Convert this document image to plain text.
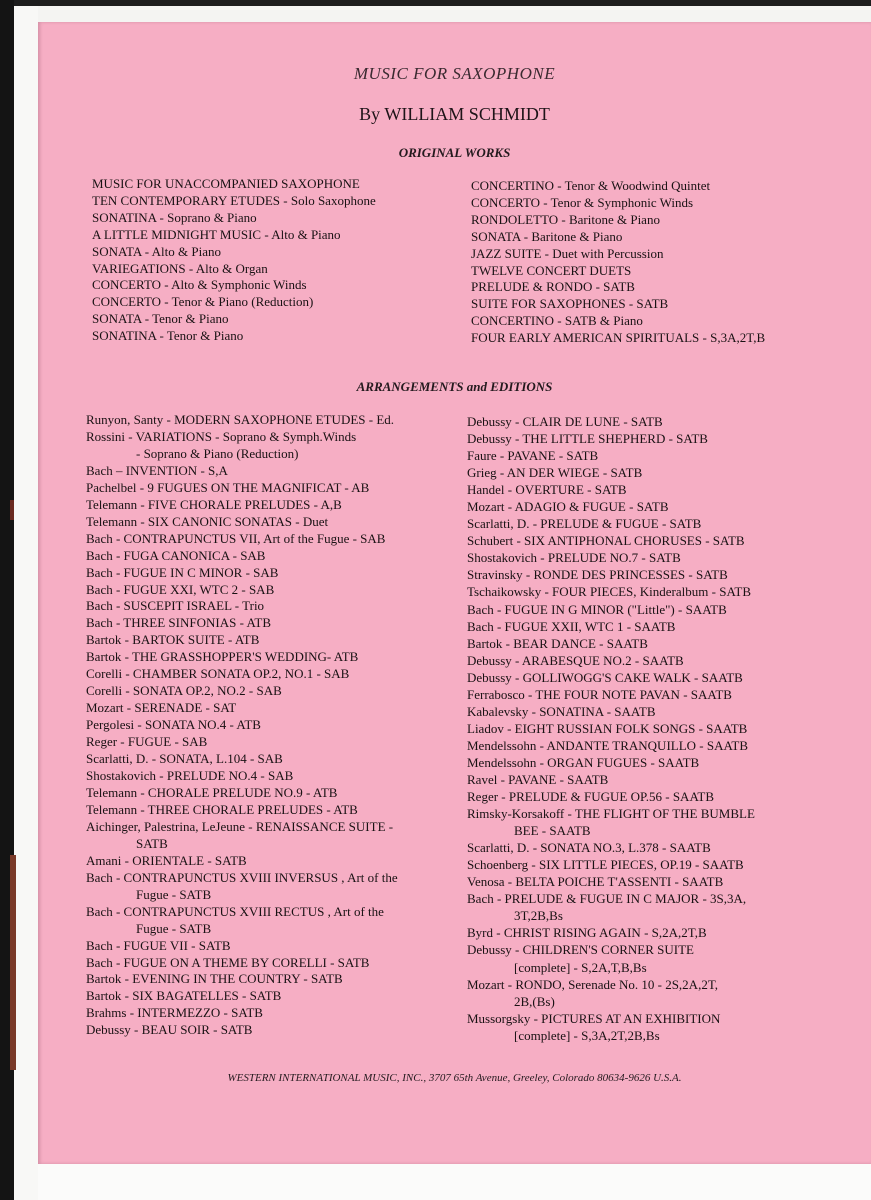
MUSIC FOR SAXOPHONE
By WILLIAM SCHMIDT
ORIGINAL WORKS
MUSIC FOR UNACCOMPANIED SAXOPHONE
TEN CONTEMPORARY ETUDES - Solo Saxophone
SONATINA - Soprano & Piano
A LITTLE MIDNIGHT MUSIC - Alto & Piano
SONATA - Alto & Piano
VARIEGATIONS - Alto & Organ
CONCERTO - Alto & Symphonic Winds
CONCERTO - Tenor & Piano (Reduction)
SONATA - Tenor & Piano
SONATINA - Tenor & Piano
CONCERTINO - Tenor & Woodwind Quintet
CONCERTO - Tenor & Symphonic Winds
RONDOLETTO - Baritone & Piano
SONATA - Baritone & Piano
JAZZ SUITE - Duet with Percussion
TWELVE CONCERT DUETS
PRELUDE & RONDO - SATB
SUITE FOR SAXOPHONES - SATB
CONCERTINO - SATB & Piano
FOUR EARLY AMERICAN SPIRITUALS - S,3A,2T,B
ARRANGEMENTS and EDITIONS
Runyon, Santy - MODERN SAXOPHONE ETUDES - Ed.
Rossini - VARIATIONS - Soprano & Symph.Winds
- Soprano & Piano (Reduction)
Bach – INVENTION - S,A
Pachelbel - 9 FUGUES ON THE MAGNIFICAT - AB
Telemann - FIVE CHORALE PRELUDES - A,B
Telemann - SIX CANONIC SONATAS - Duet
Bach - CONTRAPUNCTUS VII, Art of the Fugue - SAB
Bach - FUGA CANONICA - SAB
Bach - FUGUE IN C MINOR - SAB
Bach - FUGUE XXI, WTC 2 - SAB
Bach - SUSCEPIT ISRAEL - Trio
Bach - THREE SINFONIAS - ATB
Bartok - BARTOK SUITE - ATB
Bartok - THE GRASSHOPPER'S WEDDING- ATB
Corelli - CHAMBER SONATA OP.2, NO.1 - SAB
Corelli - SONATA OP.2, NO.2 - SAB
Mozart - SERENADE - SAT
Pergolesi - SONATA NO.4 - ATB
Reger - FUGUE - SAB
Scarlatti, D. - SONATA, L.104 - SAB
Shostakovich - PRELUDE NO.4 - SAB
Telemann - CHORALE PRELUDE NO.9 - ATB
Telemann - THREE CHORALE PRELUDES - ATB
Aichinger, Palestrina, LeJeune - RENAISSANCE SUITE -
SATB
Amani - ORIENTALE - SATB
Bach - CONTRAPUNCTUS XVIII INVERSUS , Art of the
Fugue - SATB
Bach - CONTRAPUNCTUS XVIII RECTUS , Art of the
Fugue - SATB
Bach - FUGUE VII - SATB
Bach - FUGUE ON A THEME BY CORELLI - SATB
Bartok - EVENING IN THE COUNTRY - SATB
Bartok - SIX BAGATELLES - SATB
Brahms - INTERMEZZO - SATB
Debussy - BEAU SOIR - SATB
Debussy - CLAIR DE LUNE - SATB
Debussy - THE LITTLE SHEPHERD - SATB
Faure - PAVANE - SATB
Grieg - AN DER WIEGE - SATB
Handel - OVERTURE - SATB
Mozart - ADAGIO & FUGUE - SATB
Scarlatti, D. - PRELUDE & FUGUE - SATB
Schubert - SIX ANTIPHONAL CHORUSES - SATB
Shostakovich - PRELUDE NO.7 - SATB
Stravinsky - RONDE DES PRINCESSES - SATB
Tschaikowsky - FOUR PIECES, Kinderalbum - SATB
Bach - FUGUE IN G MINOR ("Little") - SAATB
Bach - FUGUE XXII, WTC 1 - SAATB
Bartok - BEAR DANCE - SAATB
Debussy - ARABESQUE NO.2 - SAATB
Debussy - GOLLIWOGG'S CAKE WALK - SAATB
Ferrabosco - THE FOUR NOTE PAVAN - SAATB
Kabalevsky - SONATINA - SAATB
Liadov - EIGHT RUSSIAN FOLK SONGS - SAATB
Mendelssohn - ANDANTE TRANQUILLO - SAATB
Mendelssohn - ORGAN FUGUES - SAATB
Ravel - PAVANE - SAATB
Reger - PRELUDE & FUGUE OP.56 - SAATB
Rimsky-Korsakoff - THE FLIGHT OF THE BUMBLE
BEE - SAATB
Scarlatti, D. - SONATA NO.3, L.378 - SAATB
Schoenberg - SIX LITTLE PIECES, OP.19 - SAATB
Venosa - BELTA POICHE T'ASSENTI - SAATB
Bach - PRELUDE & FUGUE IN C MAJOR - 3S,3A,
3T,2B,Bs
Byrd - CHRIST RISING AGAIN - S,2A,2T,B
Debussy - CHILDREN'S CORNER SUITE
[complete] - S,2A,T,B,Bs
Mozart - RONDO, Serenade No. 10 - 2S,2A,2T,
2B,(Bs)
Mussorgsky - PICTURES AT AN EXHIBITION
[complete] - S,3A,2T,2B,Bs
WESTERN INTERNATIONAL MUSIC, INC., 3707 65th Avenue, Greeley, Colorado 80634-9626 U.S.A.
